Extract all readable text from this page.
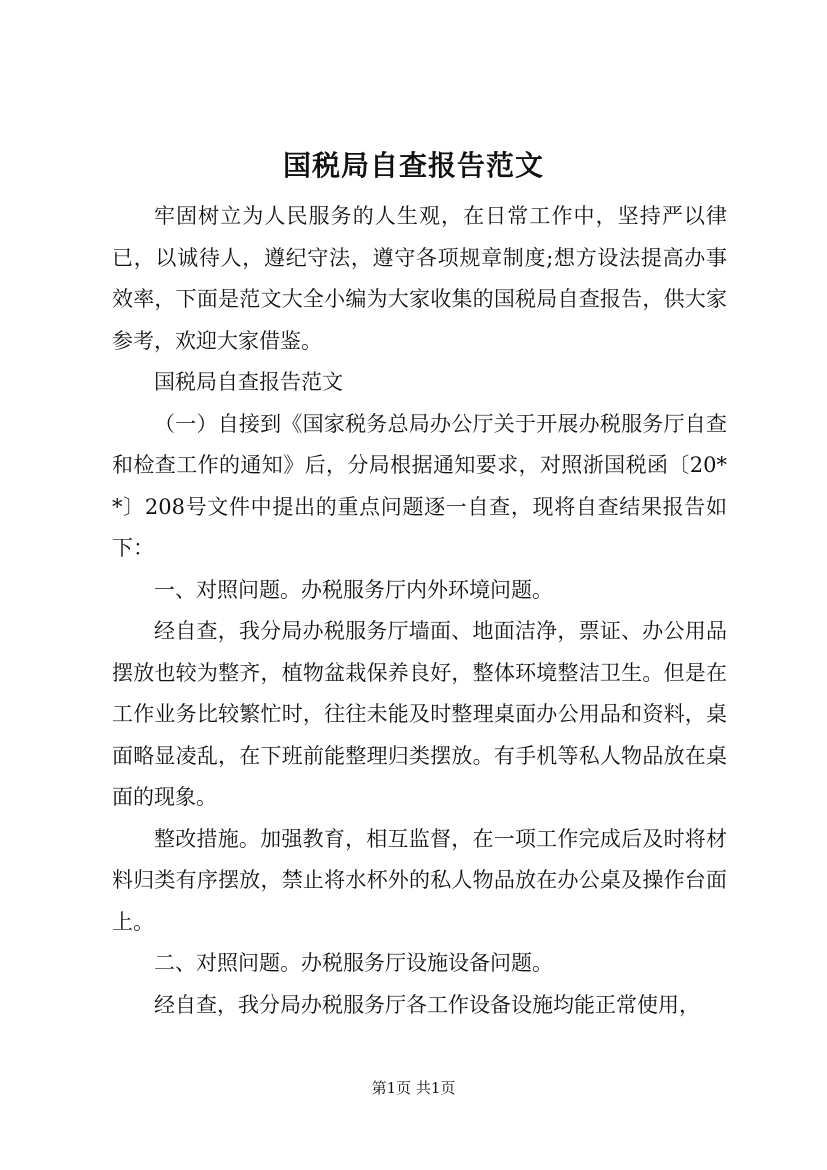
国税局自查报告范文

牢固树立为人民服务的人生观，在日常工作中，坚持严以律已，以诚待人，遵纪守法，遵守各项规章制度;想方设法提高办事效率，下面是范文大全小编为大家收集的国税局自查报告，供大家参考，欢迎大家借鉴。

国税局自查报告范文

（一）自接到《国家税务总局办公厅关于开展办税服务厅自查和检查工作的通知》后，分局根据通知要求，对照浙国税函〔20**〕208号文件中提出的重点问题逐一自查，现将自查结果报告如下：

一、对照问题。办税服务厅内外环境问题。

经自查，我分局办税服务厅墙面、地面洁净，票证、办公用品摆放也较为整齐，植物盆栽保养良好，整体环境整洁卫生。但是在工作业务比较繁忙时，往往未能及时整理桌面办公用品和资料，桌面略显凌乱，在下班前能整理归类摆放。有手机等私人物品放在桌面的现象。

整改措施。加强教育，相互监督，在一项工作完成后及时将材料归类有序摆放，禁止将水杯外的私人物品放在办公桌及操作台面上。

二、对照问题。办税服务厅设施设备问题。

经自查，我分局办税服务厅各工作设备设施均能正常使用，

第1页 共1页
